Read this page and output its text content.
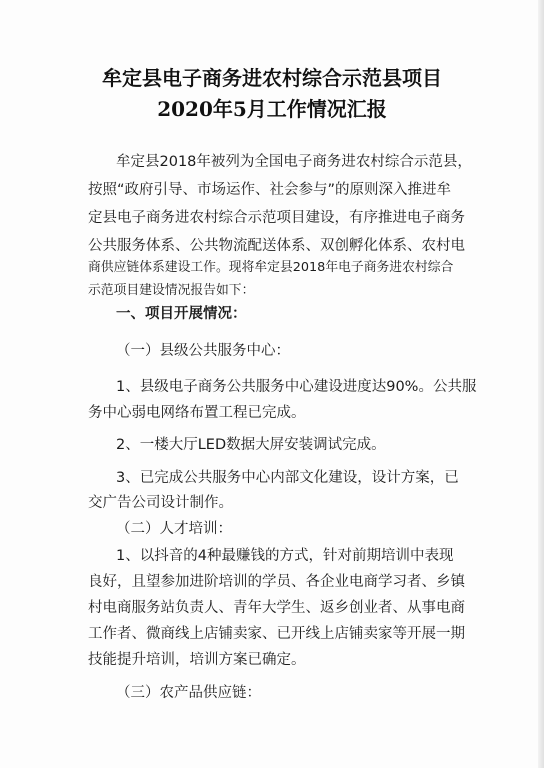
牟定县电子商务进农村综合示范县项目
2020年5月工作情况汇报
牟定县2018年被列为全国电子商务进农村综合示范县，
按照“政府引导、市场运作、社会参与”的原则深入推进牟
定县电子商务进农村综合示范项目建设，有序推进电子商务
公共服务体系、公共物流配送体系、双创孵化体系、农村电
商供应链体系建设工作。现将牟定县2018年电子商务进农村综合
示范项目建设情况报告如下：
一、项目开展情况：
（一）县级公共服务中心：
1、县级电子商务公共服务中心建设进度达90%。公共服
务中心弱电网络布置工程已完成。
2、一楼大厅LED数据大屏安装调试完成。
3、已完成公共服务中心内部文化建设，设计方案，已
交广告公司设计制作。
（二）人才培训：
1、以抖音的4种最赚钱的方式，针对前期培训中表现
良好，且望参加进阶培训的学员、各企业电商学习者、乡镇
村电商服务站负责人、青年大学生、返乡创业者、从事电商
工作者、微商线上店铺卖家、已开线上店铺卖家等开展一期
技能提升培训，培训方案已确定。
（三）农产品供应链：
